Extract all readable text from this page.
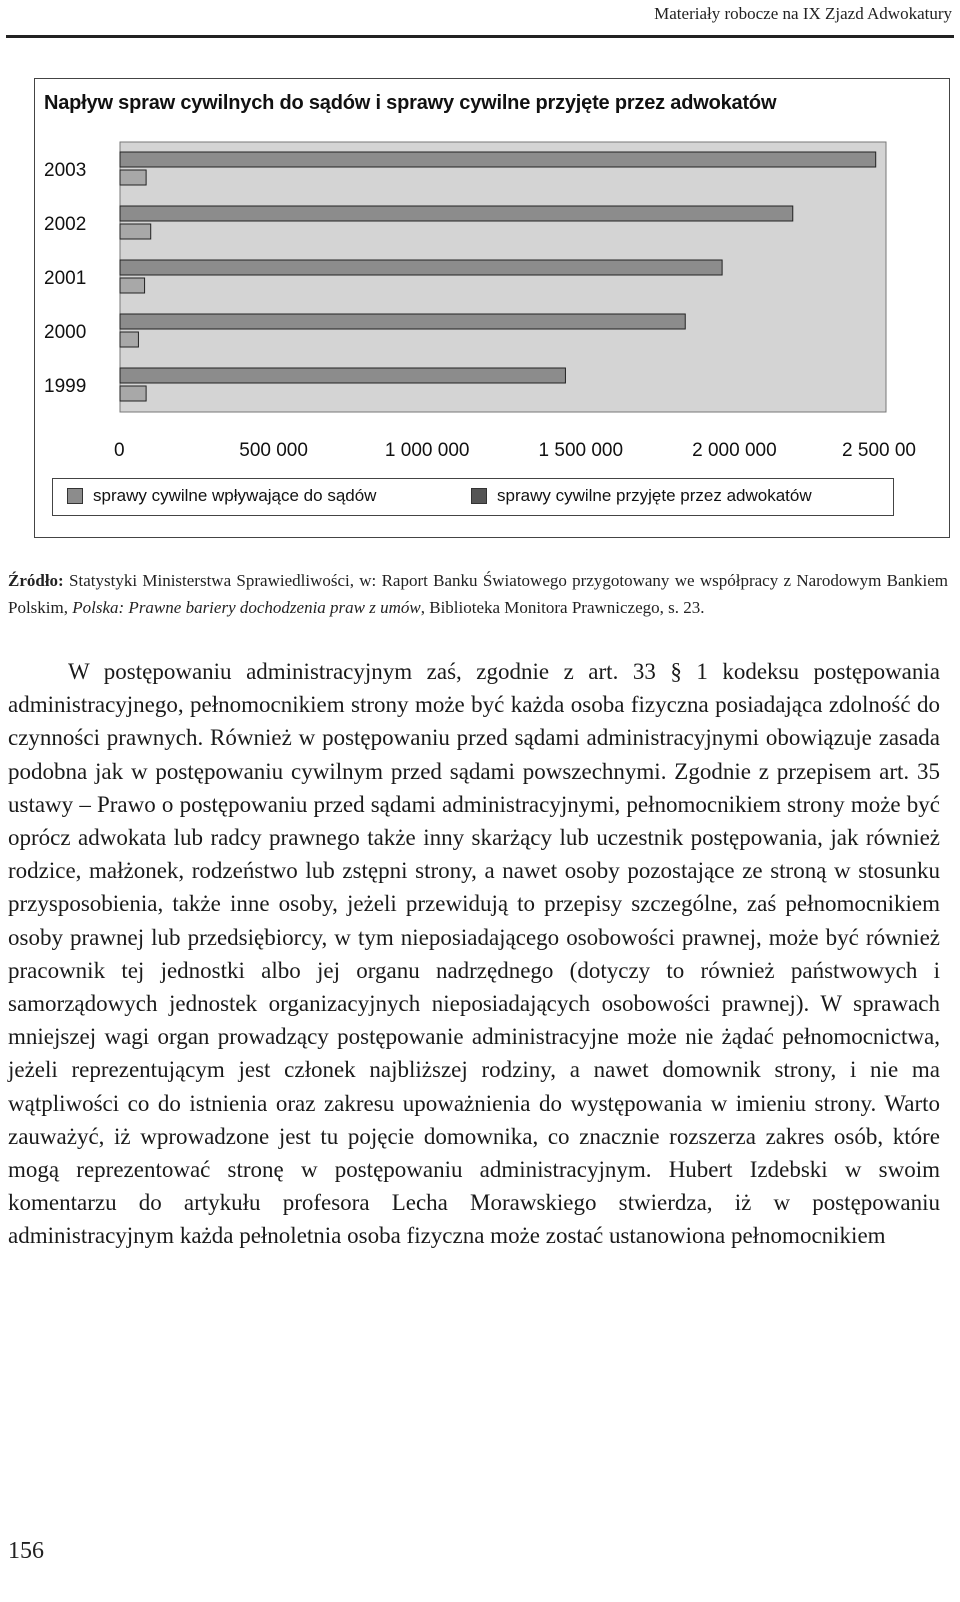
Materiały robocze na IX Zjazd Adwokatury
Napływ spraw cywilnych do sądów i sprawy cywilne przyjęte przez adwokatów
2003
2002
2001
2000
1999
0	500 000	1 000 000	1 500 000	2 000 000	2 500 00
sprawy cywilne wpływające do sądów	sprawy cywilne przyjęte przez adwokatów
Źródło: Statystyki Ministerstwa Sprawiedliwości, w: Raport Banku Światowego przygotowany we współpracy z Narodowym Bankiem Polskim, Polska: Prawne bariery dochodzenia praw z umów, Biblioteka Monitora Prawniczego, s. 23.

W postępowaniu administracyjnym zaś, zgodnie z art. 33 § 1 kodeksu postępowania administracyjnego, pełnomocnikiem strony może być każda osoba fizyczna posiadająca zdolność do czynności prawnych. Również w postępowaniu przed sądami administracyjnymi obowiązuje zasada podobna jak w postępowaniu cywilnym przed sądami powszechnymi. Zgodnie z przepisem art. 35 ustawy – Prawo o postępowaniu przed sądami administracyjnymi, pełnomocnikiem strony może być oprócz adwokata lub radcy prawnego także inny skarżący lub uczestnik postępowania, jak również rodzice, małżonek, rodzeństwo lub zstępni strony, a nawet osoby pozostające ze stroną w stosunku przysposobienia, także inne osoby, jeżeli przewidują to przepisy szczególne, zaś pełnomocnikiem osoby prawnej lub przedsiębiorcy, w tym nieposiadającego osobowości prawnej, może być również pracownik tej jednostki albo jej organu nadrzędnego (dotyczy to również państwowych i samorządowych jednostek organizacyjnych nieposiadających osobowości prawnej). W sprawach mniejszej wagi organ prowadzący postępowanie administracyjne może nie żądać pełnomocnictwa, jeżeli reprezentującym jest członek najbliższej rodziny, a nawet domownik strony, i nie ma wątpliwości co do istnienia oraz zakresu upoważnienia do występowania w imieniu strony. Warto zauważyć, iż wprowadzone jest tu pojęcie domownika, co znacznie rozszerza zakres osób, które mogą reprezentować stronę w postępowaniu administracyjnym. Hubert Izdebski w swoim komentarzu do artykułu profesora Lecha Morawskiego stwierdza, iż w postępowaniu administracyjnym każda pełnoletnia osoba fizyczna może zostać ustanowiona pełnomocnikiem

156
